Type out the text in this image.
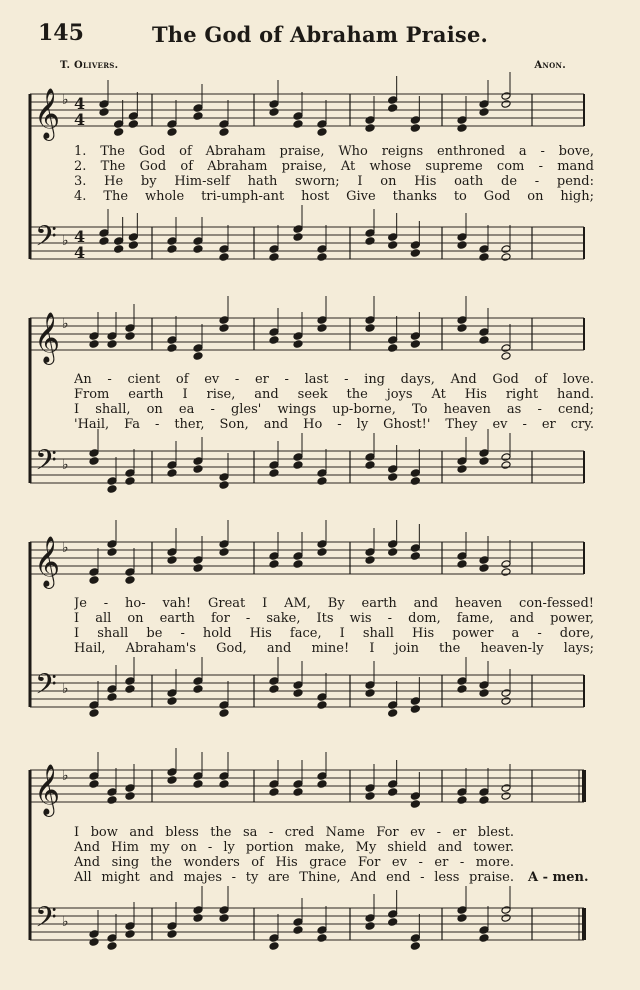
145	The God of Abraham Praise.
T. Olivers.	Anon.
𝄞
𝄢
♭
♭
4
4
4
4
1. The God of Abraham praise, Who reigns enthroned a - bove,
2. The God of Abraham praise, At whose supreme com - mand
3. He by Him-self hath sworn; I on His oath de - pend:
4. The whole tri-umph-ant host Give thanks to God on high;
𝄞
𝄢
♭
♭
An - cient of ev - er - last - ing days, And God of love.
From earth I rise, and seek the joys At His right hand.
I shall, on ea - gles' wings up-borne, To heaven as - cend;
'Hail, Fa - ther, Son, and Ho - ly Ghost!' They ev - er cry.
𝄞
𝄢
♭
♭
Je - ho- vah! Great I AM, By earth and heaven con-fessed!
I all on earth for - sake, Its wis - dom, fame, and power,
I shall be - hold His face, I shall His power a - dore,
Hail, Abraham's God, and mine! I join the heaven-ly lays;
𝄞
𝄢
♭
♭
I bow and bless the sa - cred Name For ev - er blest.
And Him my on - ly portion make, My shield and tower.
And sing the wonders of His grace For ev - er - more.
All might and majes - ty are Thine, And end - less praise. A - men.
